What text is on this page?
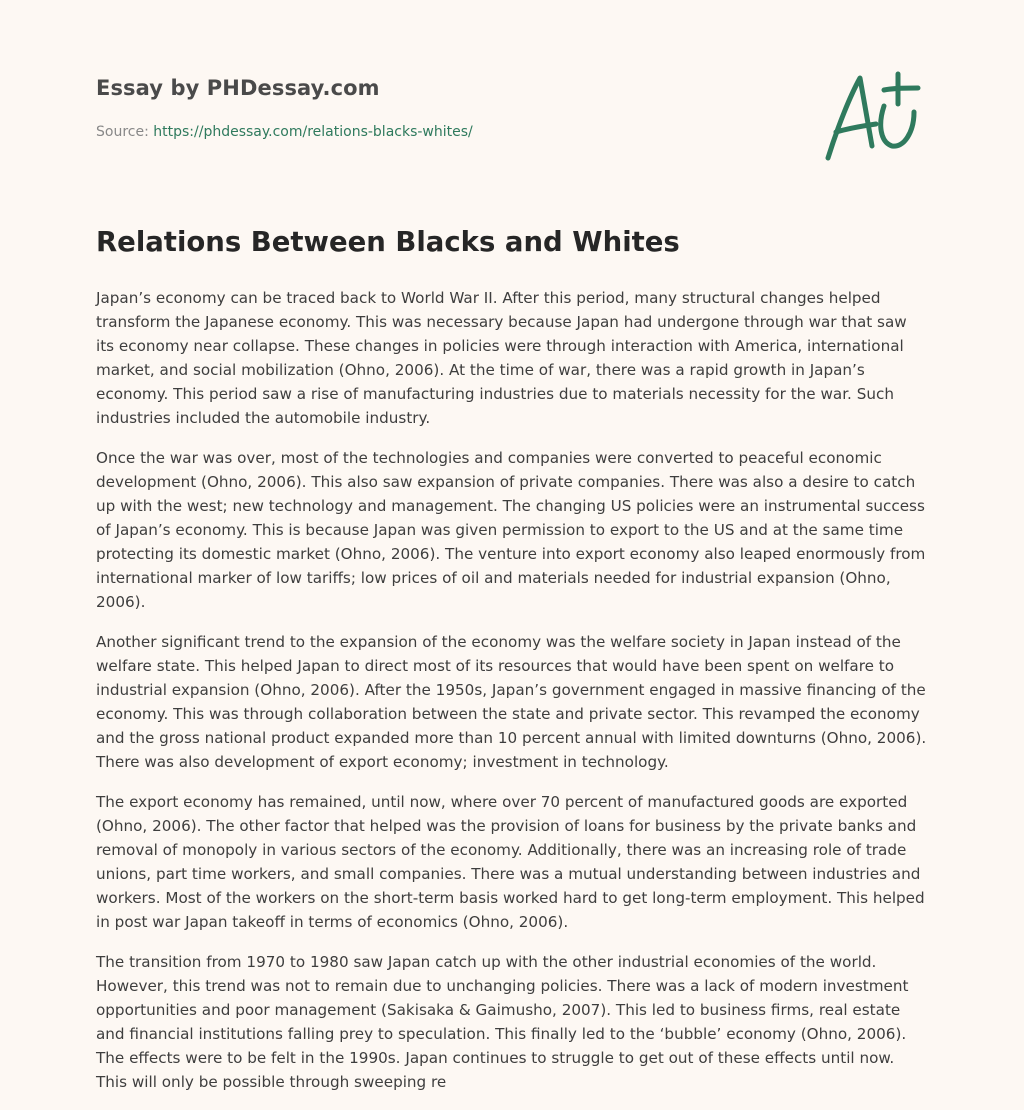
Essay by PHDessay.com
Source: https://phdessay.com/relations-blacks-whites/
Relations Between Blacks and Whites

Japan’s economy can be traced back to World War II. After this period, many structural changes helped transform the Japanese economy. This was necessary because Japan had undergone through war that saw its economy near collapse. These changes in policies were through interaction with America, international market, and social mobilization (Ohno, 2006). At the time of war, there was a rapid growth in Japan’s economy. This period saw a rise of manufacturing industries due to materials necessity for the war. Such industries included the automobile industry.

Once the war was over, most of the technologies and companies were converted to peaceful economic development (Ohno, 2006). This also saw expansion of private companies. There was also a desire to catch up with the west; new technology and management. The changing US policies were an instrumental success of Japan’s economy. This is because Japan was given permission to export to the US and at the same time protecting its domestic market (Ohno, 2006). The venture into export economy also leaped enormously from international marker of low tariffs; low prices of oil and materials needed for industrial expansion (Ohno, 2006).

Another significant trend to the expansion of the economy was the welfare society in Japan instead of the welfare state. This helped Japan to direct most of its resources that would have been spent on welfare to industrial expansion (Ohno, 2006). After the 1950s, Japan’s government engaged in massive financing of the economy. This was through collaboration between the state and private sector. This revamped the economy and the gross national product expanded more than 10 percent annual with limited downturns (Ohno, 2006). There was also development of export economy; investment in technology.

The export economy has remained, until now, where over 70 percent of manufactured goods are exported (Ohno, 2006). The other factor that helped was the provision of loans for business by the private banks and removal of monopoly in various sectors of the economy. Additionally, there was an increasing role of trade unions, part time workers, and small companies. There was a mutual understanding between industries and workers. Most of the workers on the short-term basis worked hard to get long-term employment. This helped in post war Japan takeoff in terms of economics (Ohno, 2006).

The transition from 1970 to 1980 saw Japan catch up with the other industrial economies of the world. However, this trend was not to remain due to unchanging policies. There was a lack of modern investment opportunities and poor management (Sakisaka & Gaimusho, 2007). This led to business firms, real estate and financial institutions falling prey to speculation. This finally led to the ‘bubble’ economy (Ohno, 2006). The effects were to be felt in the 1990s. Japan continues to struggle to get out of these effects until now. This will only be possible through sweeping re
